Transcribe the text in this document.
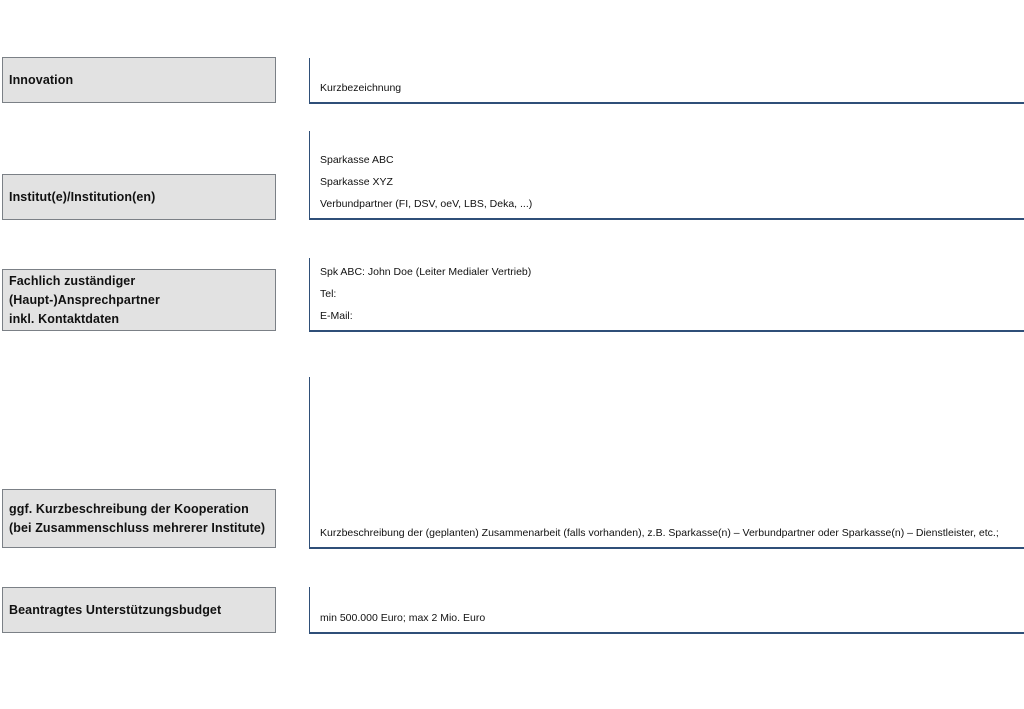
Innovation
Kurzbezeichnung
Institut(e)/Institution(en)
Sparkasse ABC
Sparkasse XYZ
Verbundpartner (FI, DSV, oeV, LBS, Deka, ...)
Fachlich zuständiger
(Haupt-)Ansprechpartner
inkl. Kontaktdaten
Spk ABC: John Doe (Leiter Medialer Vertrieb)
Tel:
E-Mail:
ggf. Kurzbeschreibung der Kooperation (bei Zusammenschluss mehrerer Institute)	Kurzbeschreibung der (geplanten) Zusammenarbeit (falls vorhanden), z.B. Sparkasse(n) – Verbundpartner oder Sparkasse(n) – Dienstleister, etc.;
Beantragtes Unterstützungsbudget
min 500.000 Euro; max 2 Mio. Euro
